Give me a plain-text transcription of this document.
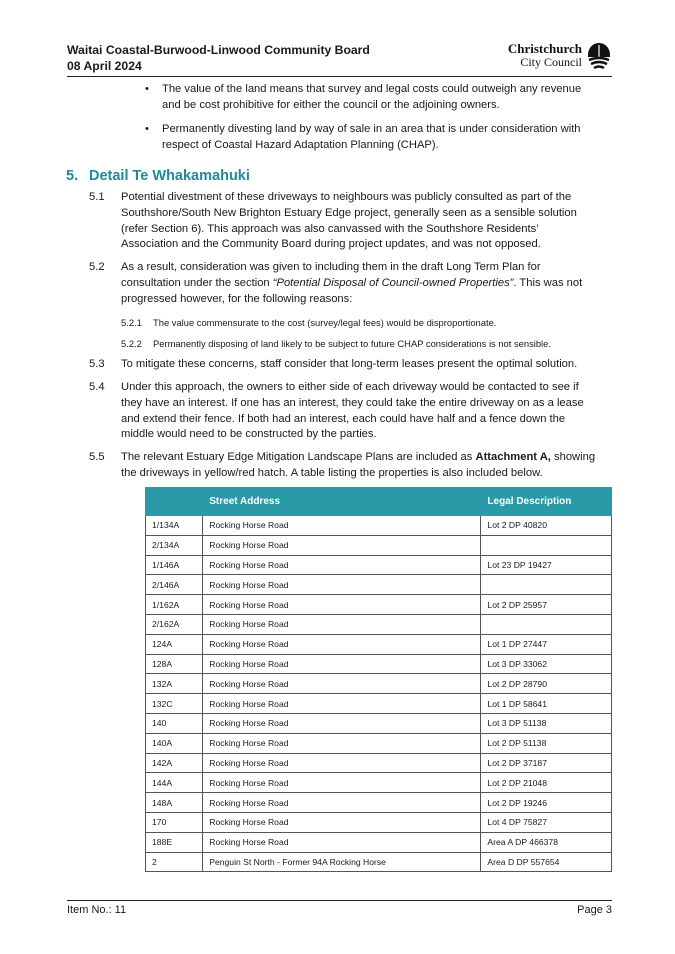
Waitai Coastal-Burwood-Linwood Community Board
08 April 2024
Christchurch
City Council
• The value of the land means that survey and legal costs could outweigh any revenue
and be cost prohibitive for either the council or the adjoining owners.
• Permanently divesting land by way of sale in an area that is under consideration with
respect of Coastal Hazard Adaptation Planning (CHAP).
5. Detail Te Whakamahuki
5.1 Potential divestment of these driveways to neighbours was publicly consulted as part of the
Southshore/South New Brighton Estuary Edge project, generally seen as a sensible solution
(refer Section 6). This approach was also canvassed with the Southshore Residents’
Association and the Community Board during project updates, and was not opposed.
5.2 As a result, consideration was given to including them in the draft Long Term Plan for
consultation under the section “Potential Disposal of Council-owned Properties”. This was not
progressed however, for the following reasons:
5.2.1 The value commensurate to the cost (survey/legal fees) would be disproportionate.
5.2.2 Permanently disposing of land likely to be subject to future CHAP considerations is not sensible.
5.3 To mitigate these concerns, staff consider that long-term leases present the optimal solution.
5.4 Under this approach, the owners to either side of each driveway would be contacted to see if
they have an interest. If one has an interest, they could take the entire driveway on as a lease
and extend their fence. If both had an interest, each could have half and a fence down the
middle would need to be constructed by the parties.
5.5 The relevant Estuary Edge Mitigation Landscape Plans are included as Attachment A, showing
the driveways in yellow/red hatch. A table listing the properties is also included below.
	Street Address	Legal Description
1/134A	Rocking Horse Road	Lot 2 DP 40820
2/134A	Rocking Horse Road	
1/146A	Rocking Horse Road	Lot 23 DP 19427
2/146A	Rocking Horse Road	
1/162A	Rocking Horse Road	Lot 2 DP 25957
2/162A	Rocking Horse Road	
124A	Rocking Horse Road	Lot 1 DP 27447
128A	Rocking Horse Road	Lot 3 DP 33062
132A	Rocking Horse Road	Lot 2 DP 28790
132C	Rocking Horse Road	Lot 1 DP 58641
140	Rocking Horse Road	Lot 3 DP 51138
140A	Rocking Horse Road	Lot 2 DP 51138
142A	Rocking Horse Road	Lot 2 DP 37187
144A	Rocking Horse Road	Lot 2 DP 21048
148A	Rocking Horse Road	Lot 2 DP 19246
170	Rocking Horse Road	Lot 4 DP 75827
188E	Rocking Horse Road	Area A DP 466378
2	Penguin St North - Former 94A Rocking Horse	Area D DP 557654
Item No.: 11	Page 3
